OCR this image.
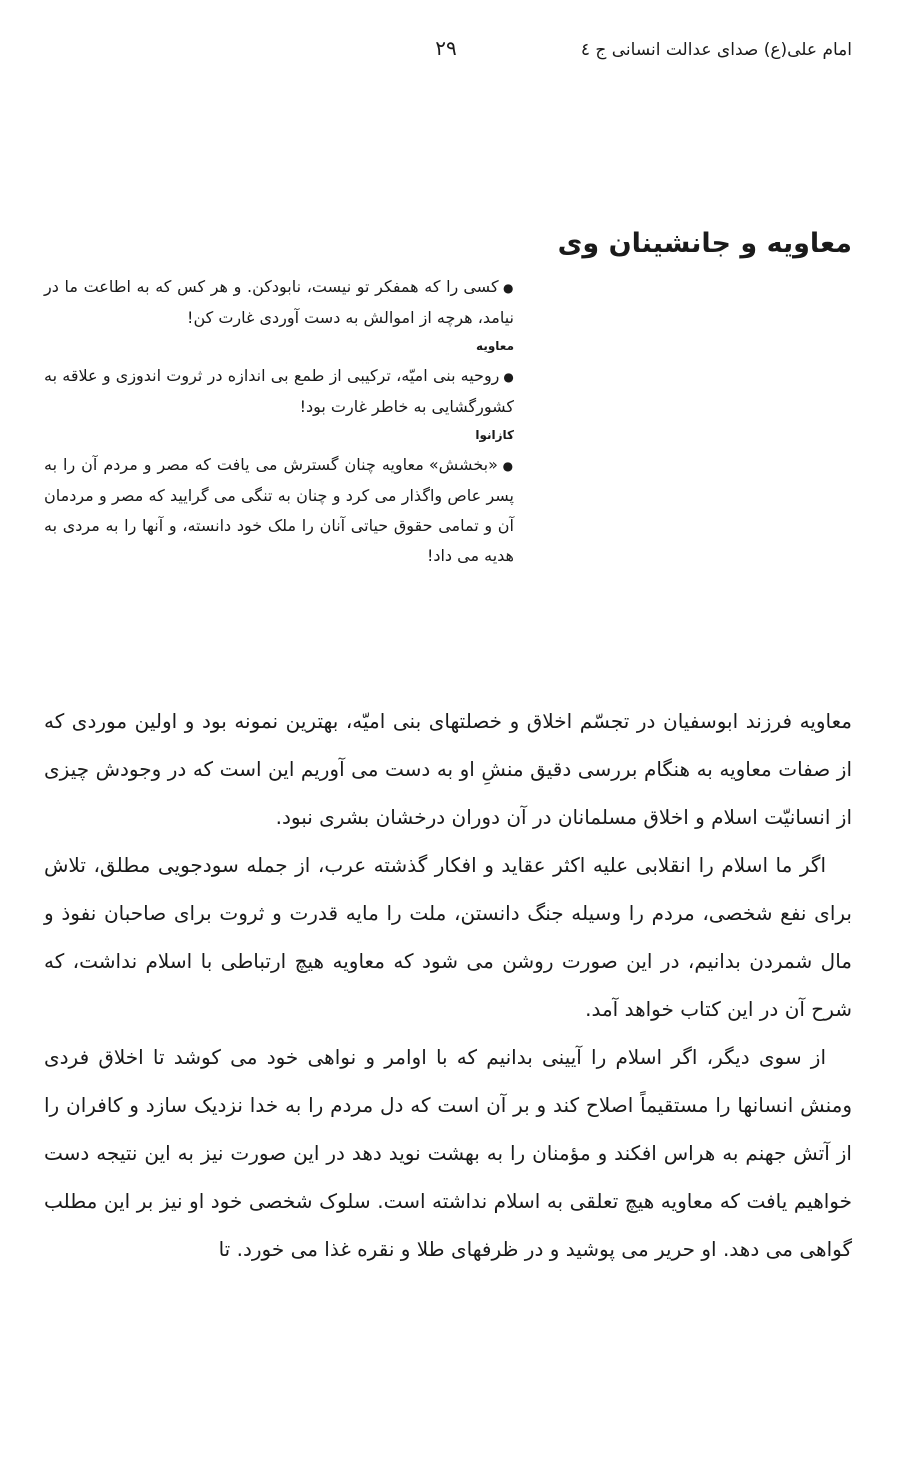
امام علی(ع) صدای عدالت انسانی ج ٤
٢٩
معاویه و جانشینان وی

● کسی را که همفکر تو نیست، نابودکن. و هر کس که به اطاعت ما در نیامد، هرچه از اموالش به دست آوردی غارت کن!

معاویه

● روحیه بنی امیّه، ترکیبی از طمع بی اندازه در ثروت اندوزی و علاقه به کشورگشایی به خاطر غارت بود!

کازانوا

● «بخشش» معاویه چنان گسترش می یافت که مصر و مردم آن را به پسر عاص واگذار می کرد و چنان به تنگی می گرایید که مصر و مردمان آن و تمامی حقوق حیاتی آنان را ملک خود دانسته، و آنها را به مردی به هدیه می داد!

معاویه فرزند ابوسفیان در تجسّم اخلاق و خصلتهای بنی امیّه، بهترین نمونه بود و اولین موردی که از صفات معاویه به هنگام بررسی دقیق منشِ او به دست می آوریم این است که در وجودش چیزی از انسانیّت اسلام و اخلاق مسلمانان در آن دوران درخشان بشری نبود.

اگر ما اسلام را انقلابی علیه اکثر عقاید و افکار گذشته عرب، از جمله سودجویی مطلق، تلاش برای نفع شخصی، مردم را وسیله جنگ دانستن، ملت را مایه قدرت و ثروت برای صاحبان نفوذ و مال شمردن بدانیم، در این صورت روشن می شود که معاویه هیچ ارتباطی با اسلام نداشت، که شرح آن در این کتاب خواهد آمد.

از سوی دیگر، اگر اسلام را آیینی بدانیم که با اوامر و نواهی خود می کوشد تا اخلاق فردی ومنش انسانها را مستقیماً اصلاح کند و بر آن است که دل مردم را به خدا نزدیک سازد و کافران را از آتش جهنم به هراس افکند و مؤمنان را به بهشت نوید دهد در این صورت نیز به این نتیجه دست خواهیم یافت که معاویه هیچ تعلقی به اسلام نداشته است. سلوک شخصی خود او نیز بر این مطلب گواهی می دهد. او حریر می پوشید و در ظرفهای طلا و نقره غذا می خورد. تا
